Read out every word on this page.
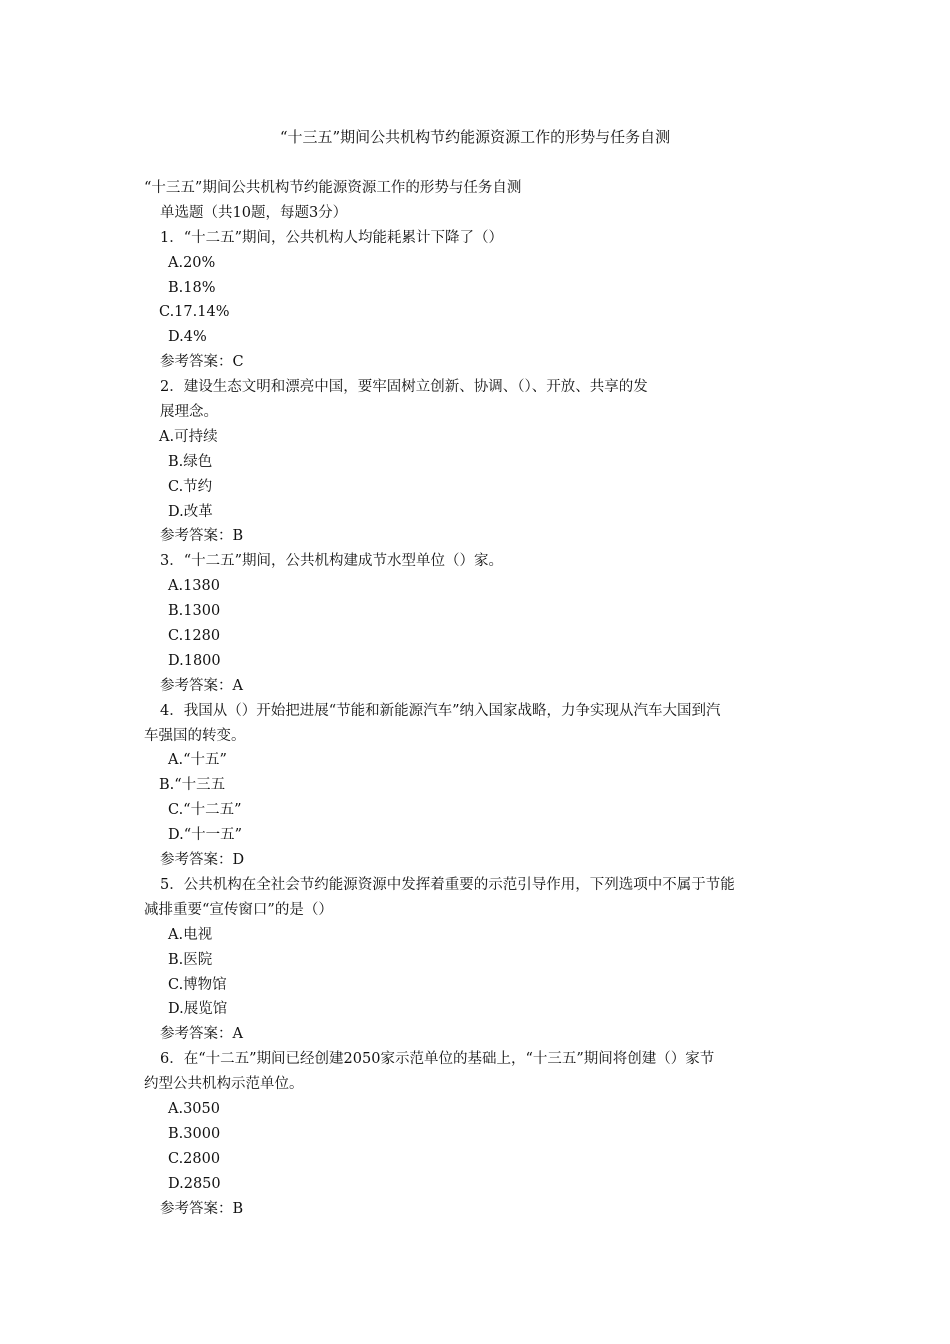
“十三五”期间公共机构节约能源资源工作的形势与任务自测
“十三五”期间公共机构节约能源资源工作的形势与任务自测
单选题（共10题，每题3分）
1．“十二五”期间，公共机构人均能耗累计下降了（）
A.20%
B.18%
C.17.14%
D.4%
参考答案：C
2．建设生态文明和漂亮中国，要牢固树立创新、协调、（）、开放、共享的发
展理念。
A.可持续
B.绿色
C.节约
D.改革
参考答案：B
3．“十二五”期间，公共机构建成节水型单位（）家。
A.1380
B.1300
C.1280
D.1800
参考答案：A
4．我国从（）开始把进展“节能和新能源汽车”纳入国家战略，力争实现从汽车大国到汽
车强国的转变。
A.“十五”
B.“十三五
C.“十二五”
D.“十一五”
参考答案：D
5．公共机构在全社会节约能源资源中发挥着重要的示范引导作用，下列选项中不属于节能
减排重要“宣传窗口”的是（）
A.电视
B.医院
C.博物馆
D.展览馆
参考答案：A
6．在“十二五”期间已经创建2050家示范单位的基础上，“十三五”期间将创建（）家节
约型公共机构示范单位。
A.3050
B.3000
C.2800
D.2850
参考答案：B
